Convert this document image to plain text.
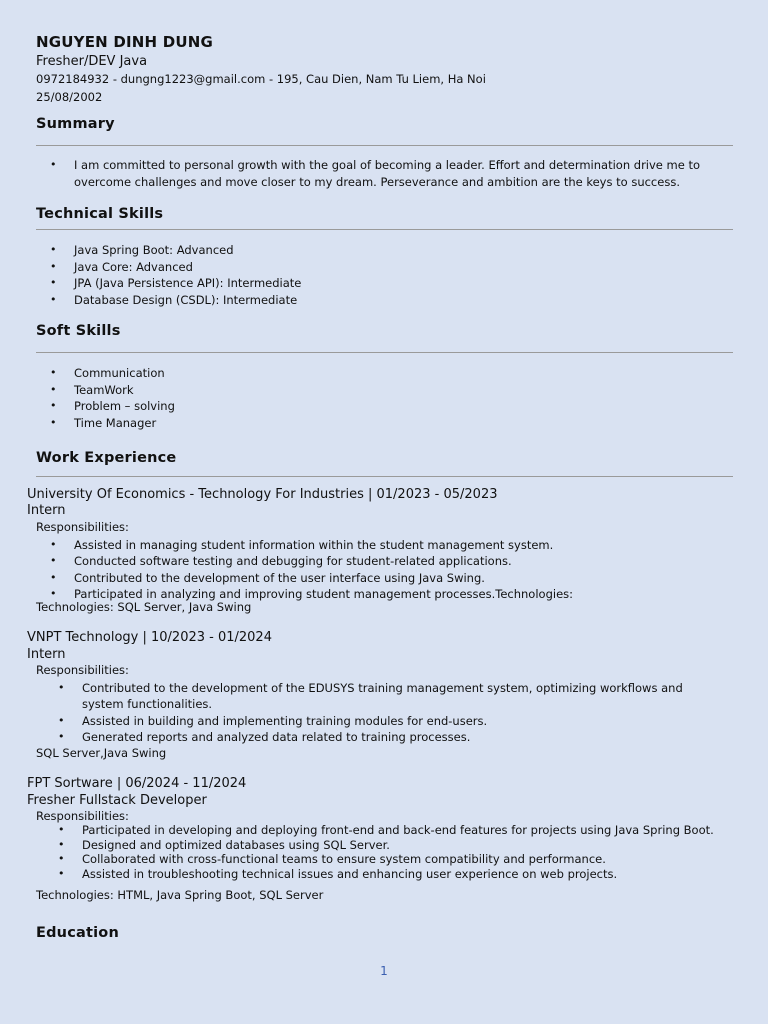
NGUYEN DINH DUNG
Fresher/DEV Java
0972184932 - dungng1223@gmail.com - 195, Cau Dien, Nam Tu Liem, Ha Noi
25/08/2002
Summary
• I am committed to personal growth with the goal of becoming a leader. Effort and determination drive me to overcome challenges and move closer to my dream. Perseverance and ambition are the keys to success.
Technical Skills
• Java Spring Boot: Advanced
• Java Core: Advanced
• JPA (Java Persistence API): Intermediate
• Database Design (CSDL): Intermediate
Soft Skills
• Communication
• TeamWork
• Problem – solving
• Time Manager
Work Experience
University Of Economics - Technology For Industries | 01/2023 - 05/2023
Intern
Responsibilities:
• Assisted in managing student information within the student management system.
• Conducted software testing and debugging for student-related applications.
• Contributed to the development of the user interface using Java Swing.
• Participated in analyzing and improving student management processes.Technologies:
Technologies: SQL Server, Java Swing
VNPT Technology | 10/2023 - 01/2024
Intern
Responsibilities:
• Contributed to the development of the EDUSYS training management system, optimizing workflows and system functionalities.
• Assisted in building and implementing training modules for end-users.
• Generated reports and analyzed data related to training processes.
SQL Server,Java Swing
FPT Sortware | 06/2024 - 11/2024
Fresher Fullstack Developer
Responsibilities:
• Participated in developing and deploying front-end and back-end features for projects using Java Spring Boot.
• Designed and optimized databases using SQL Server.
• Collaborated with cross-functional teams to ensure system compatibility and performance.
• Assisted in troubleshooting technical issues and enhancing user experience on web projects.
Technologies: HTML, Java Spring Boot, SQL Server
Education
1
